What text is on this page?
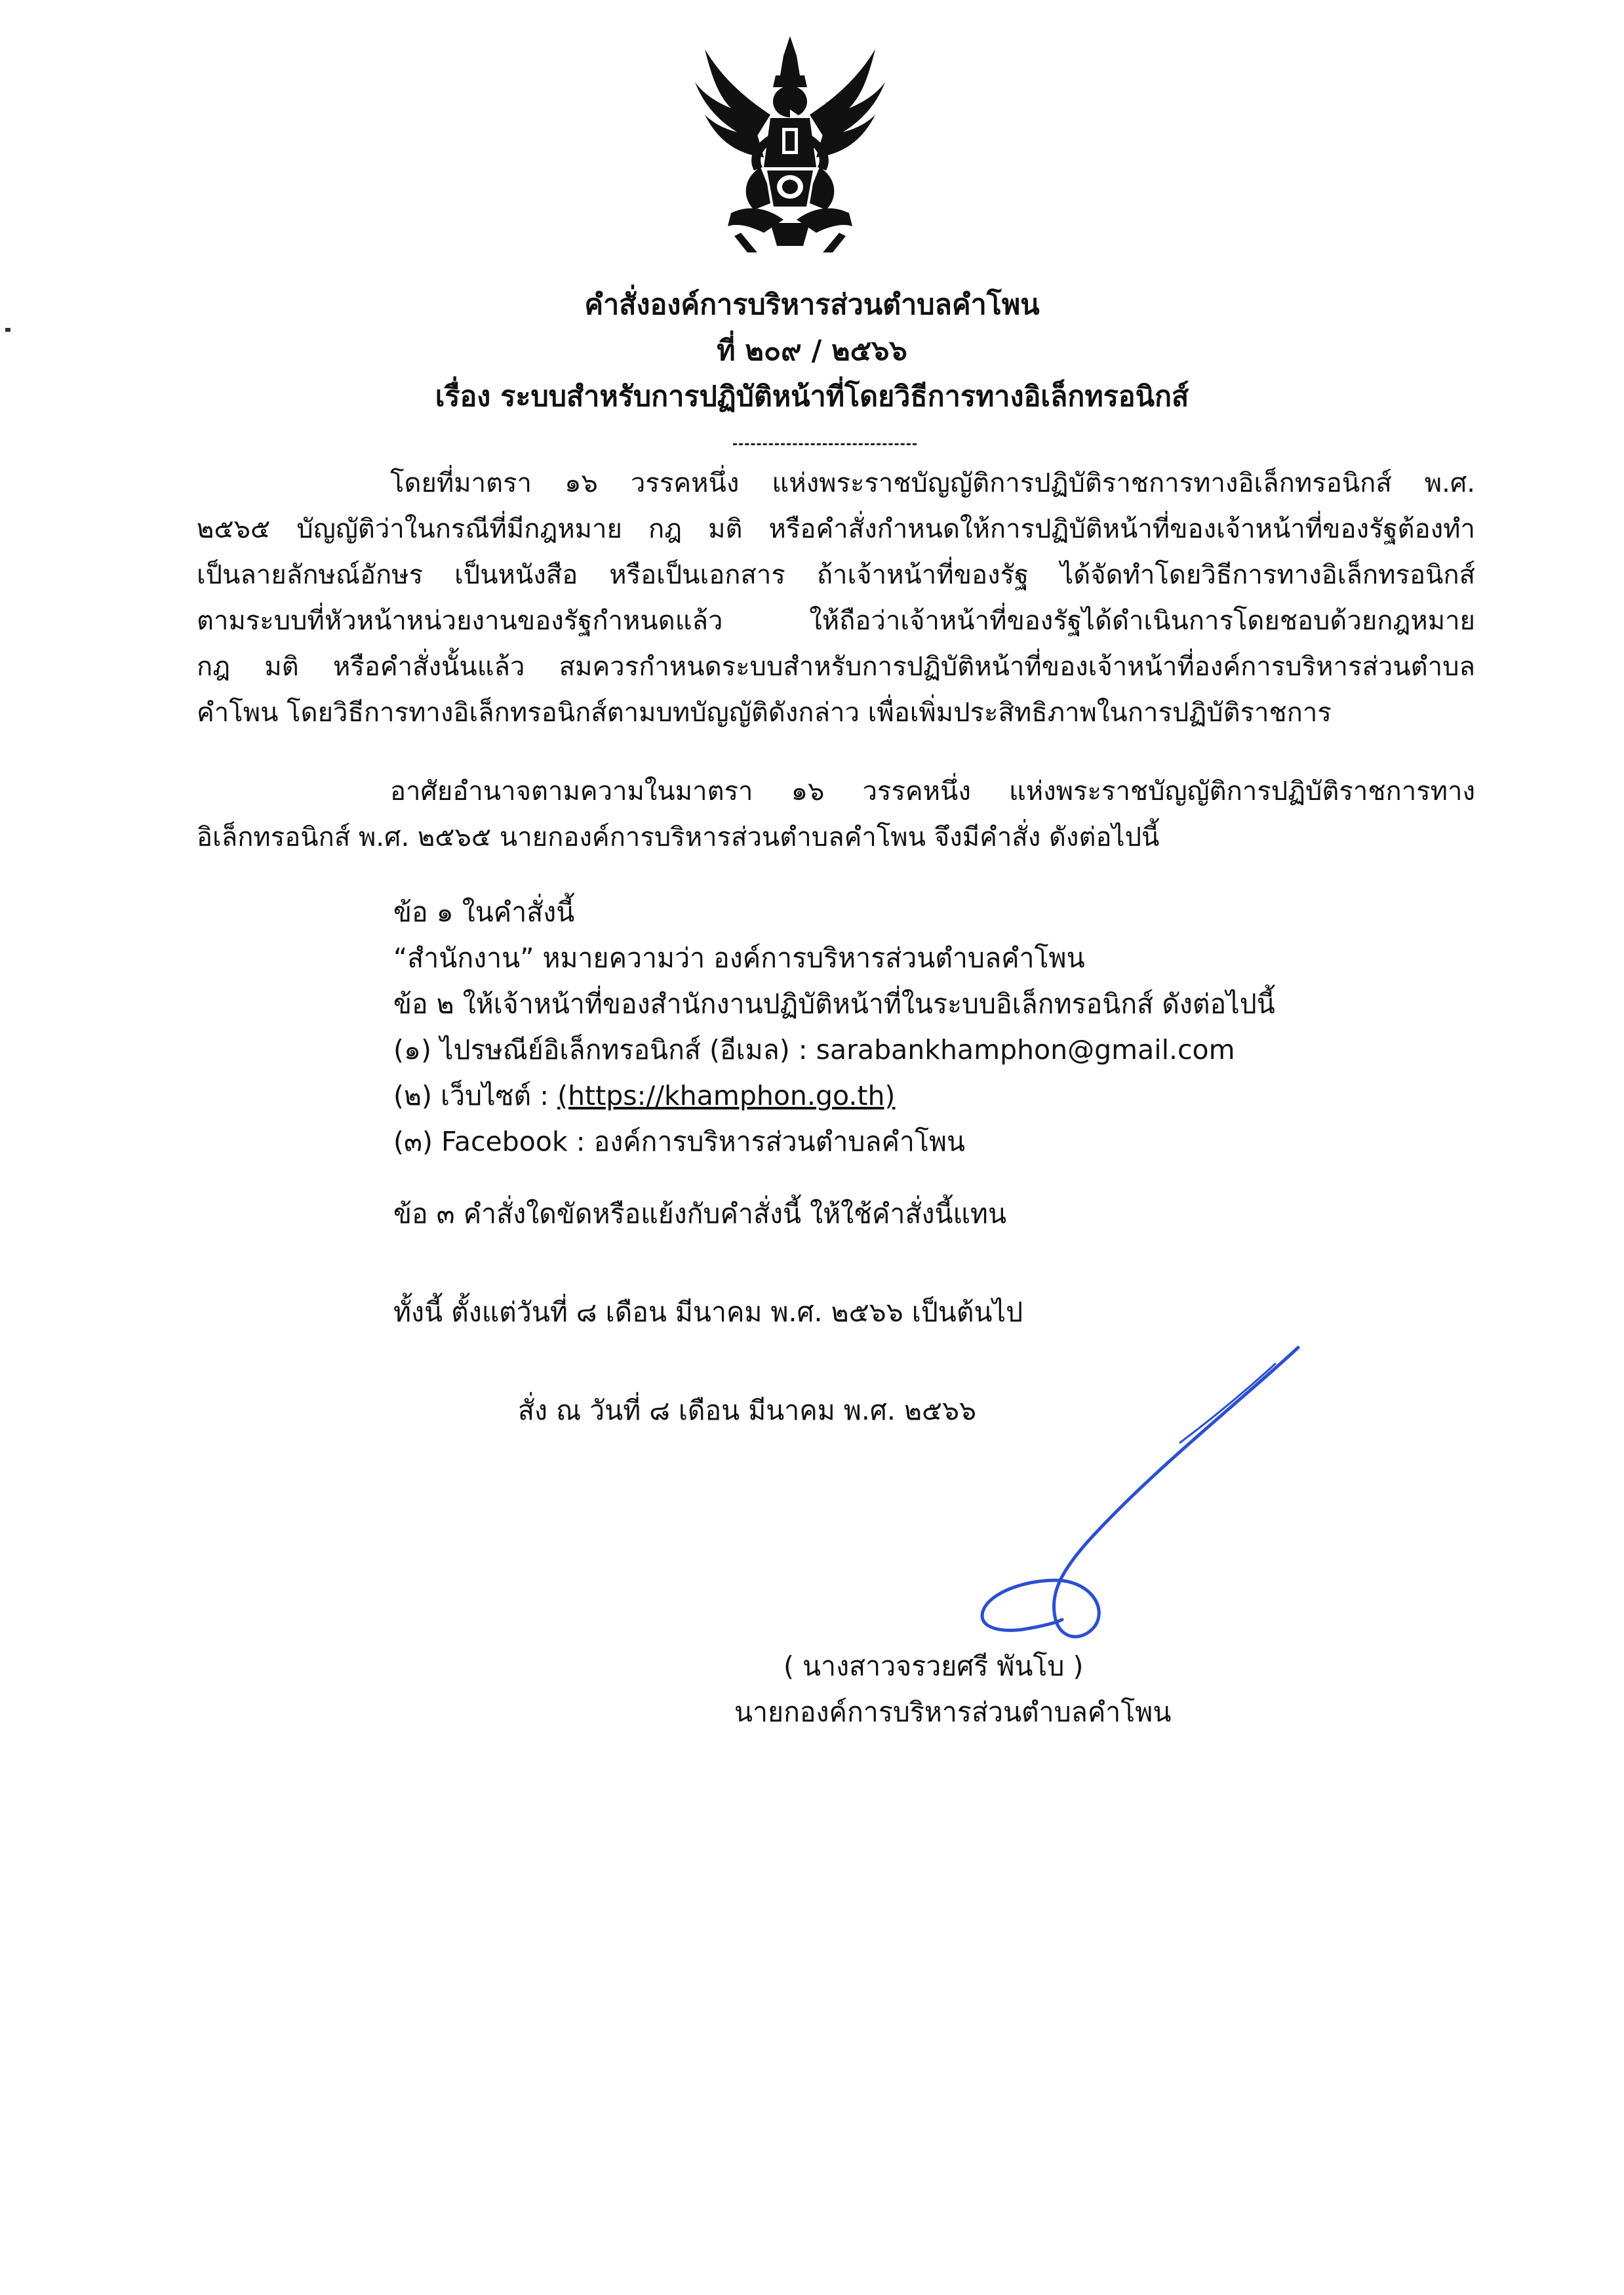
คำสั่งองค์การบริหารส่วนตำบลคำโพน
ที่ ๒๐๙ / ๒๕๖๖
เรื่อง ระบบสำหรับการปฏิบัติหน้าที่โดยวิธีการทางอิเล็กทรอนิกส์
โดยที่มาตรา ๑๖ วรรคหนึ่ง แห่งพระราชบัญญัติการปฏิบัติราชการทางอิเล็กทรอนิกส์ พ.ศ.
๒๕๖๕ บัญญัติว่าในกรณีที่มีกฎหมาย กฎ มติ หรือคำสั่งกำหนดให้การปฏิบัติหน้าที่ของเจ้าหน้าที่ของรัฐต้องทำ
เป็นลายลักษณ์อักษร เป็นหนังสือ หรือเป็นเอกสาร ถ้าเจ้าหน้าที่ของรัฐ ได้จัดทำโดยวิธีการทางอิเล็กทรอนิกส์
ตามระบบที่หัวหน้าหน่วยงานของรัฐกำหนดแล้ว ให้ถือว่าเจ้าหน้าที่ของรัฐได้ดำเนินการโดยชอบด้วยกฎหมาย
กฎ มติ หรือคำสั่งนั้นแล้ว สมควรกำหนดระบบสำหรับการปฏิบัติหน้าที่ของเจ้าหน้าที่องค์การบริหารส่วนตำบล
คำโพน โดยวิธีการทางอิเล็กทรอนิกส์ตามบทบัญญัติดังกล่าว เพื่อเพิ่มประสิทธิภาพในการปฏิบัติราชการ
อาศัยอำนาจตามความในมาตรา ๑๖ วรรคหนึ่ง แห่งพระราชบัญญัติการปฏิบัติราชการทาง
อิเล็กทรอนิกส์ พ.ศ. ๒๕๖๕ นายกองค์การบริหารส่วนตำบลคำโพน จึงมีคำสั่ง ดังต่อไปนี้
ข้อ ๑ ในคำสั่งนี้
“สำนักงาน” หมายความว่า องค์การบริหารส่วนตำบลคำโพน
ข้อ ๒ ให้เจ้าหน้าที่ของสำนักงานปฏิบัติหน้าที่ในระบบอิเล็กทรอนิกส์ ดังต่อไปนี้
(๑) ไปรษณีย์อิเล็กทรอนิกส์ (อีเมล) : sarabankhamphon@gmail.com
(๒) เว็บไซต์ : (https://khamphon.go.th)
(๓) Facebook : องค์การบริหารส่วนตำบลคำโพน
ข้อ ๓ คำสั่งใดขัดหรือแย้งกับคำสั่งนี้ ให้ใช้คำสั่งนี้แทน
ทั้งนี้ ตั้งแต่วันที่ ๘ เดือน มีนาคม พ.ศ. ๒๕๖๖ เป็นต้นไป
สั่ง ณ วันที่ ๘ เดือน มีนาคม พ.ศ. ๒๕๖๖
( นางสาวจรวยศรี พันโบ )
นายกองค์การบริหารส่วนตำบลคำโพน
